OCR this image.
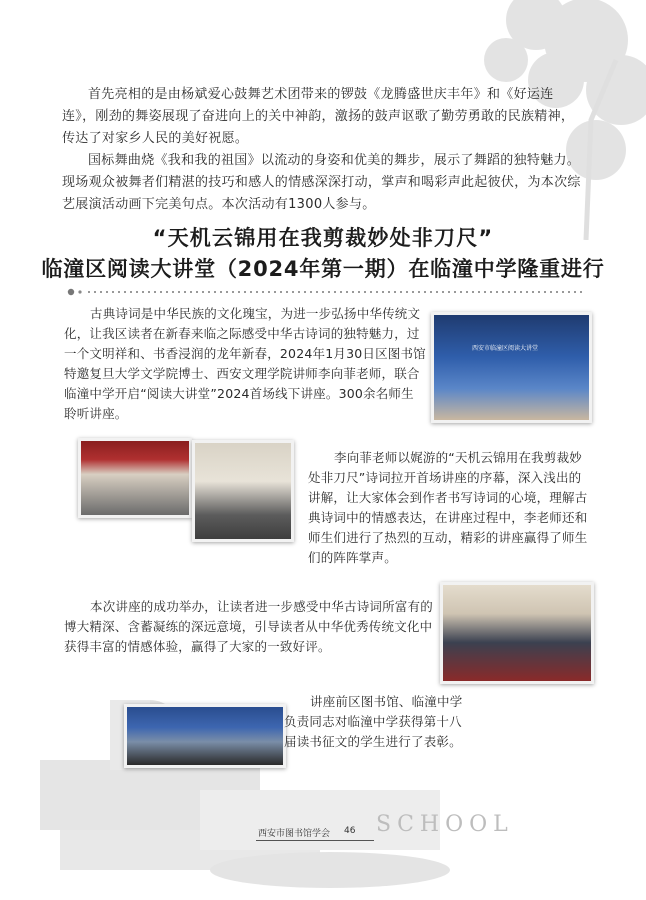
首先亮相的是由杨斌爱心鼓舞艺术团带来的锣鼓《龙腾盛世庆丰年》和《好运连连》，刚劲的舞姿展现了奋进向上的关中神韵，激扬的鼓声讴歌了勤劳勇敢的民族精神，传达了对家乡人民的美好祝愿。

国标舞曲烧《我和我的祖国》以流动的身姿和优美的舞步，展示了舞蹈的独特魅力。现场观众被舞者们精湛的技巧和感人的情感深深打动，掌声和喝彩声此起彼伏，为本次综艺展演活动画下完美句点。本次活动有1300人参与。

“天机云锦用在我剪裁妙处非刀尺”
临潼区阅读大讲堂（2024年第一期）在临潼中学隆重进行
西安市临潼区阅读大讲堂

古典诗词是中华民族的文化瑰宝，为进一步弘扬中华传统文化，让我区读者在新春来临之际感受中华古诗词的独特魅力，过一个文明祥和、书香浸润的龙年新春，2024年1月30日区图书馆特邀复旦大学文学院博士、西安文理学院讲师李向菲老师，联合临潼中学开启“阅读大讲堂”2024首场线下讲座。300余名师生聆听讲座。

李向菲老师以娓游的“天机云锦用在我剪裁妙处非刀尺”诗词拉开首场讲座的序幕，深入浅出的讲解，让大家体会到作者书写诗词的心境，理解古典诗词中的情感表达，在讲座过程中，李老师还和师生们进行了热烈的互动，精彩的讲座赢得了师生们的阵阵掌声。

本次讲座的成功举办，让读者进一步感受中华古诗词所富有的博大精深、含蓄凝练的深远意境，引导读者从中华优秀传统文化中获得丰富的情感体验，赢得了大家的一致好评。

讲座前区图书馆、临潼中学负责同志对临潼中学获得第十八届读书征文的学生进行了表彰。

西安市图书馆学会 46 SCHOOL
